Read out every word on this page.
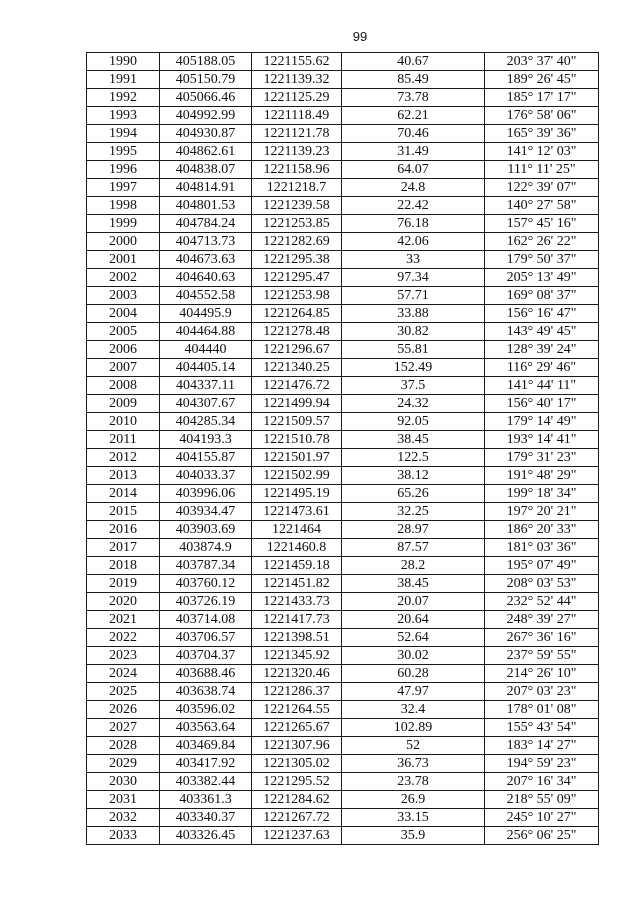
99
1990	405188.05	1221155.62	40.67	203° 37' 40"
1991	405150.79	1221139.32	85.49	189° 26' 45"
1992	405066.46	1221125.29	73.78	185° 17' 17"
1993	404992.99	1221118.49	62.21	176° 58' 06"
1994	404930.87	1221121.78	70.46	165° 39' 36"
1995	404862.61	1221139.23	31.49	141° 12' 03"
1996	404838.07	1221158.96	64.07	111° 11' 25"
1997	404814.91	1221218.7	24.8	122° 39' 07"
1998	404801.53	1221239.58	22.42	140° 27' 58"
1999	404784.24	1221253.85	76.18	157° 45' 16"
2000	404713.73	1221282.69	42.06	162° 26' 22"
2001	404673.63	1221295.38	33	179° 50' 37"
2002	404640.63	1221295.47	97.34	205° 13' 49"
2003	404552.58	1221253.98	57.71	169° 08' 37"
2004	404495.9	1221264.85	33.88	156° 16' 47"
2005	404464.88	1221278.48	30.82	143° 49' 45"
2006	404440	1221296.67	55.81	128° 39' 24"
2007	404405.14	1221340.25	152.49	116° 29' 46"
2008	404337.11	1221476.72	37.5	141° 44' 11"
2009	404307.67	1221499.94	24.32	156° 40' 17"
2010	404285.34	1221509.57	92.05	179° 14' 49"
2011	404193.3	1221510.78	38.45	193° 14' 41"
2012	404155.87	1221501.97	122.5	179° 31' 23"
2013	404033.37	1221502.99	38.12	191° 48' 29"
2014	403996.06	1221495.19	65.26	199° 18' 34"
2015	403934.47	1221473.61	32.25	197° 20' 21"
2016	403903.69	1221464	28.97	186° 20' 33"
2017	403874.9	1221460.8	87.57	181° 03' 36"
2018	403787.34	1221459.18	28.2	195° 07' 49"
2019	403760.12	1221451.82	38.45	208° 03' 53"
2020	403726.19	1221433.73	20.07	232° 52' 44"
2021	403714.08	1221417.73	20.64	248° 39' 27"
2022	403706.57	1221398.51	52.64	267° 36' 16"
2023	403704.37	1221345.92	30.02	237° 59' 55"
2024	403688.46	1221320.46	60.28	214° 26' 10"
2025	403638.74	1221286.37	47.97	207° 03' 23"
2026	403596.02	1221264.55	32.4	178° 01' 08"
2027	403563.64	1221265.67	102.89	155° 43' 54"
2028	403469.84	1221307.96	52	183° 14' 27"
2029	403417.92	1221305.02	36.73	194° 59' 23"
2030	403382.44	1221295.52	23.78	207° 16' 34"
2031	403361.3	1221284.62	26.9	218° 55' 09"
2032	403340.37	1221267.72	33.15	245° 10' 27"
2033	403326.45	1221237.63	35.9	256° 06' 25"
